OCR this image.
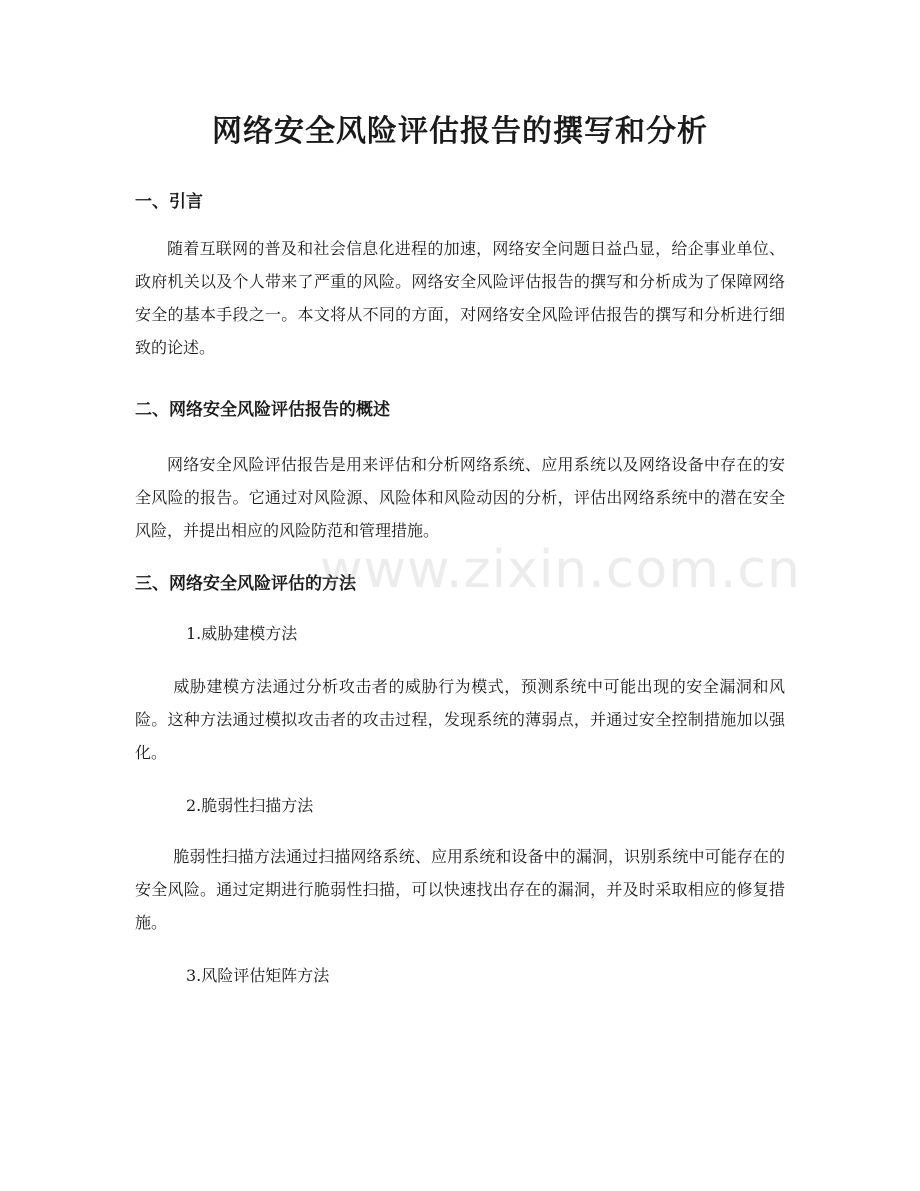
网络安全风险评估报告的撰写和分析
一、引言

随着互联网的普及和社会信息化进程的加速，网络安全问题日益凸显，给企事业单位、政府机关以及个人带来了严重的风险。网络安全风险评估报告的撰写和分析成为了保障网络安全的基本手段之一。本文将从不同的方面，对网络安全风险评估报告的撰写和分析进行细致的论述。

二、网络安全风险评估报告的概述

网络安全风险评估报告是用来评估和分析网络系统、应用系统以及网络设备中存在的安全风险的报告。它通过对风险源、风险体和风险动因的分析，评估出网络系统中的潜在安全风险，并提出相应的风险防范和管理措施。

三、网络安全风险评估的方法

1.威胁建模方法

威胁建模方法通过分析攻击者的威胁行为模式，预测系统中可能出现的安全漏洞和风险。这种方法通过模拟攻击者的攻击过程，发现系统的薄弱点，并通过安全控制措施加以强化。

2.脆弱性扫描方法

脆弱性扫描方法通过扫描网络系统、应用系统和设备中的漏洞，识别系统中可能存在的安全风险。通过定期进行脆弱性扫描，可以快速找出存在的漏洞，并及时采取相应的修复措施。

3.风险评估矩阵方法

www.zixin.com.cn
